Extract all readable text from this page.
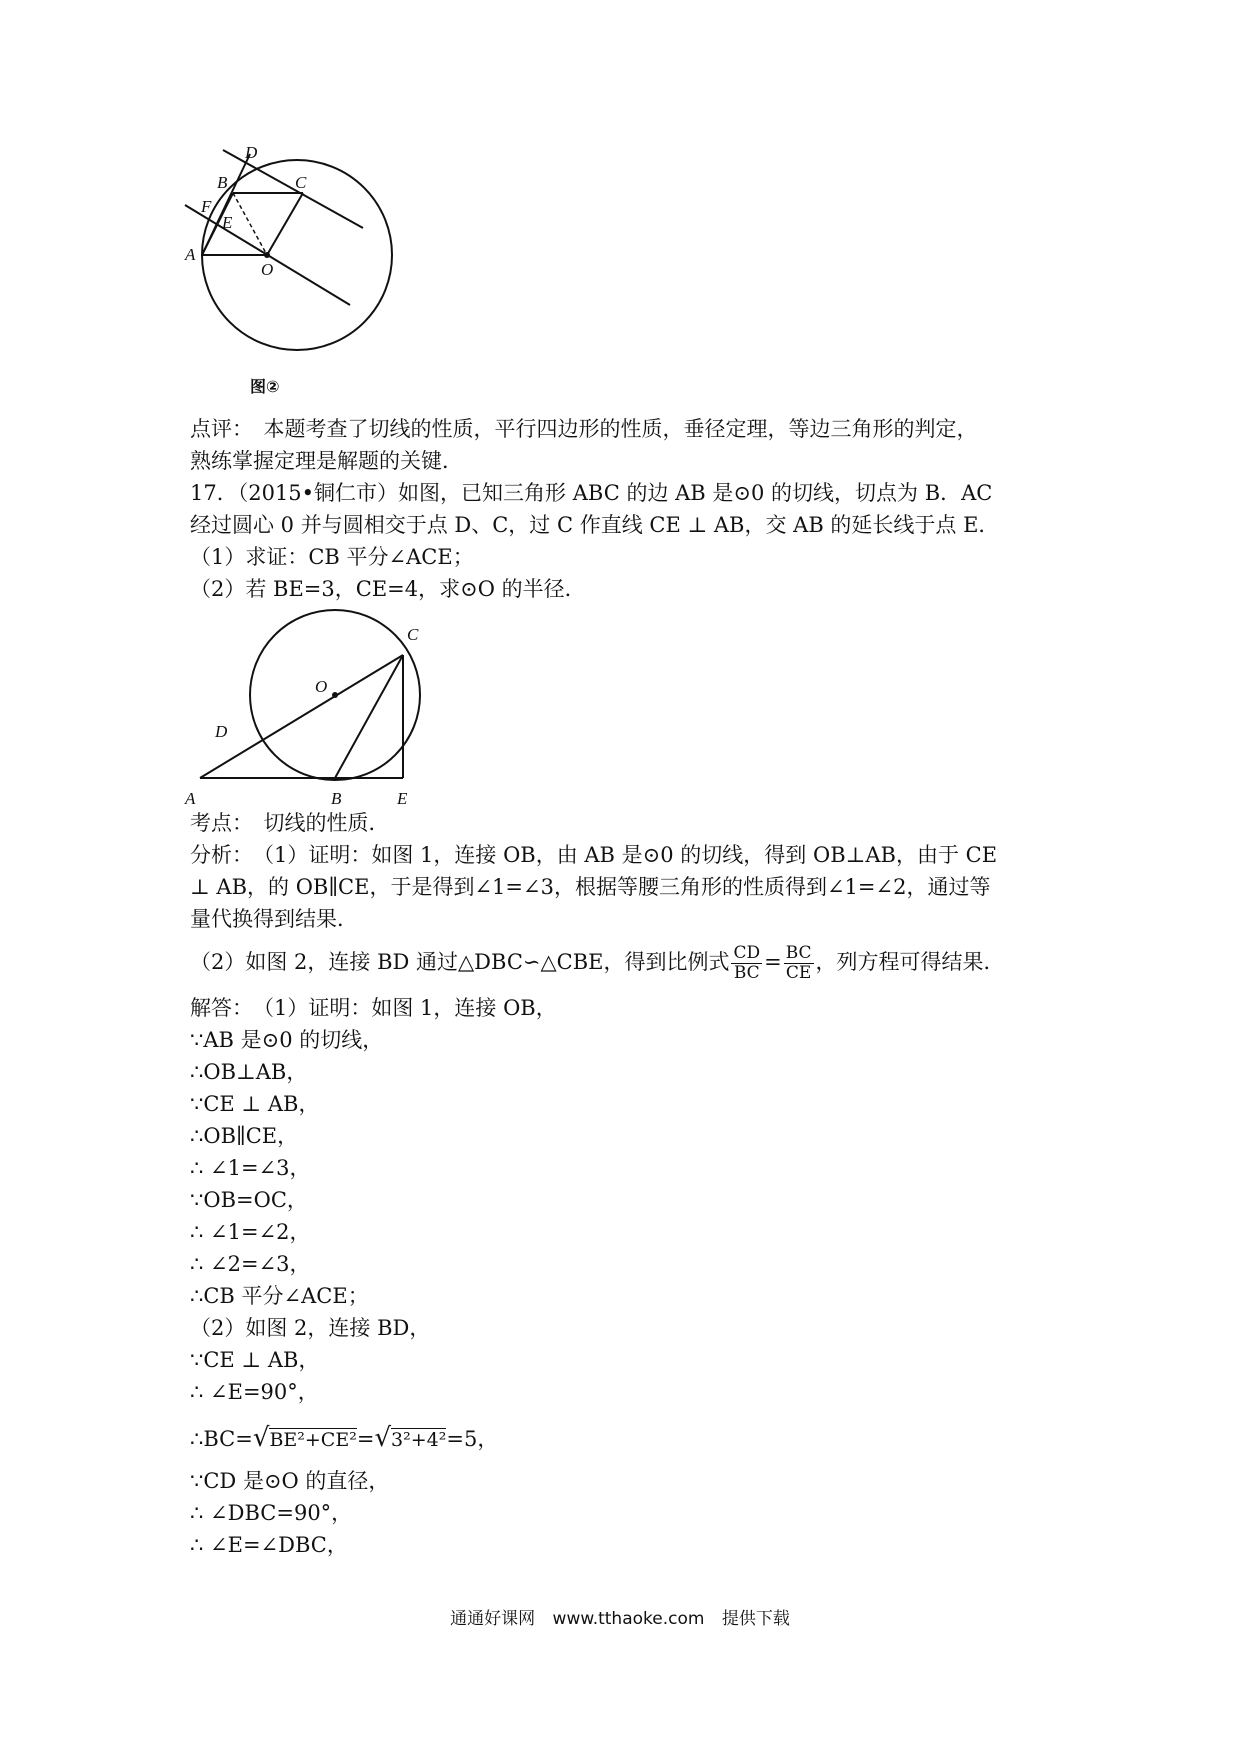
D
B	C
F
E
A
O
图②
点评：　本题考查了切线的性质，平行四边形的性质，垂径定理，等边三角形的判定，
熟练掌握定理是解题的关键．
17．（2015•铜仁市）如图，已知三角形 ABC 的边 AB 是⊙0 的切线，切点为 B．AC
经过圆心 0 并与圆相交于点 D、C，过 C 作直线 CE ⊥ AB，交 AB 的延长线于点 E．
（1）求证：CB 平分∠ACE；
（2）若 BE=3，CE=4，求⊙O 的半径．
C
O
D
A	B	E
考点：　切线的性质．
分析：　（1）证明：如图 1，连接 OB，由 AB 是⊙0 的切线，得到 OB⊥AB，由于 CE
⊥ AB，的 OB∥CE，于是得到∠1=∠3，根据等腰三角形的性质得到∠1=∠2，通过等
量代换得到结果．
（2）如图 2，连接 BD 通过△DBC∽△CBE，得到比例式 $\frac{CD}{BC} = \frac{BC}{CE}$ ，列方程可得结果．
解答：　（1）证明：如图 1，连接 OB，
∵AB 是⊙0 的切线，
∴OB⊥AB，
∵CE ⊥ AB，
∴OB∥CE，
∴ ∠1=∠3，
∵OB=OC，
∴ ∠1=∠2，
∴ ∠2=∠3，
∴CB 平分∠ACE；
（2）如图 2，连接 BD，
∵CE ⊥ AB，
∴ ∠E=90°，
∴BC=√BE²+CE²=√3²+4²=5，
∵CD 是⊙O 的直径，
∴ ∠DBC=90°，
∴ ∠E=∠DBC，
通通好课网 www.tthaoke.com 提供下载
